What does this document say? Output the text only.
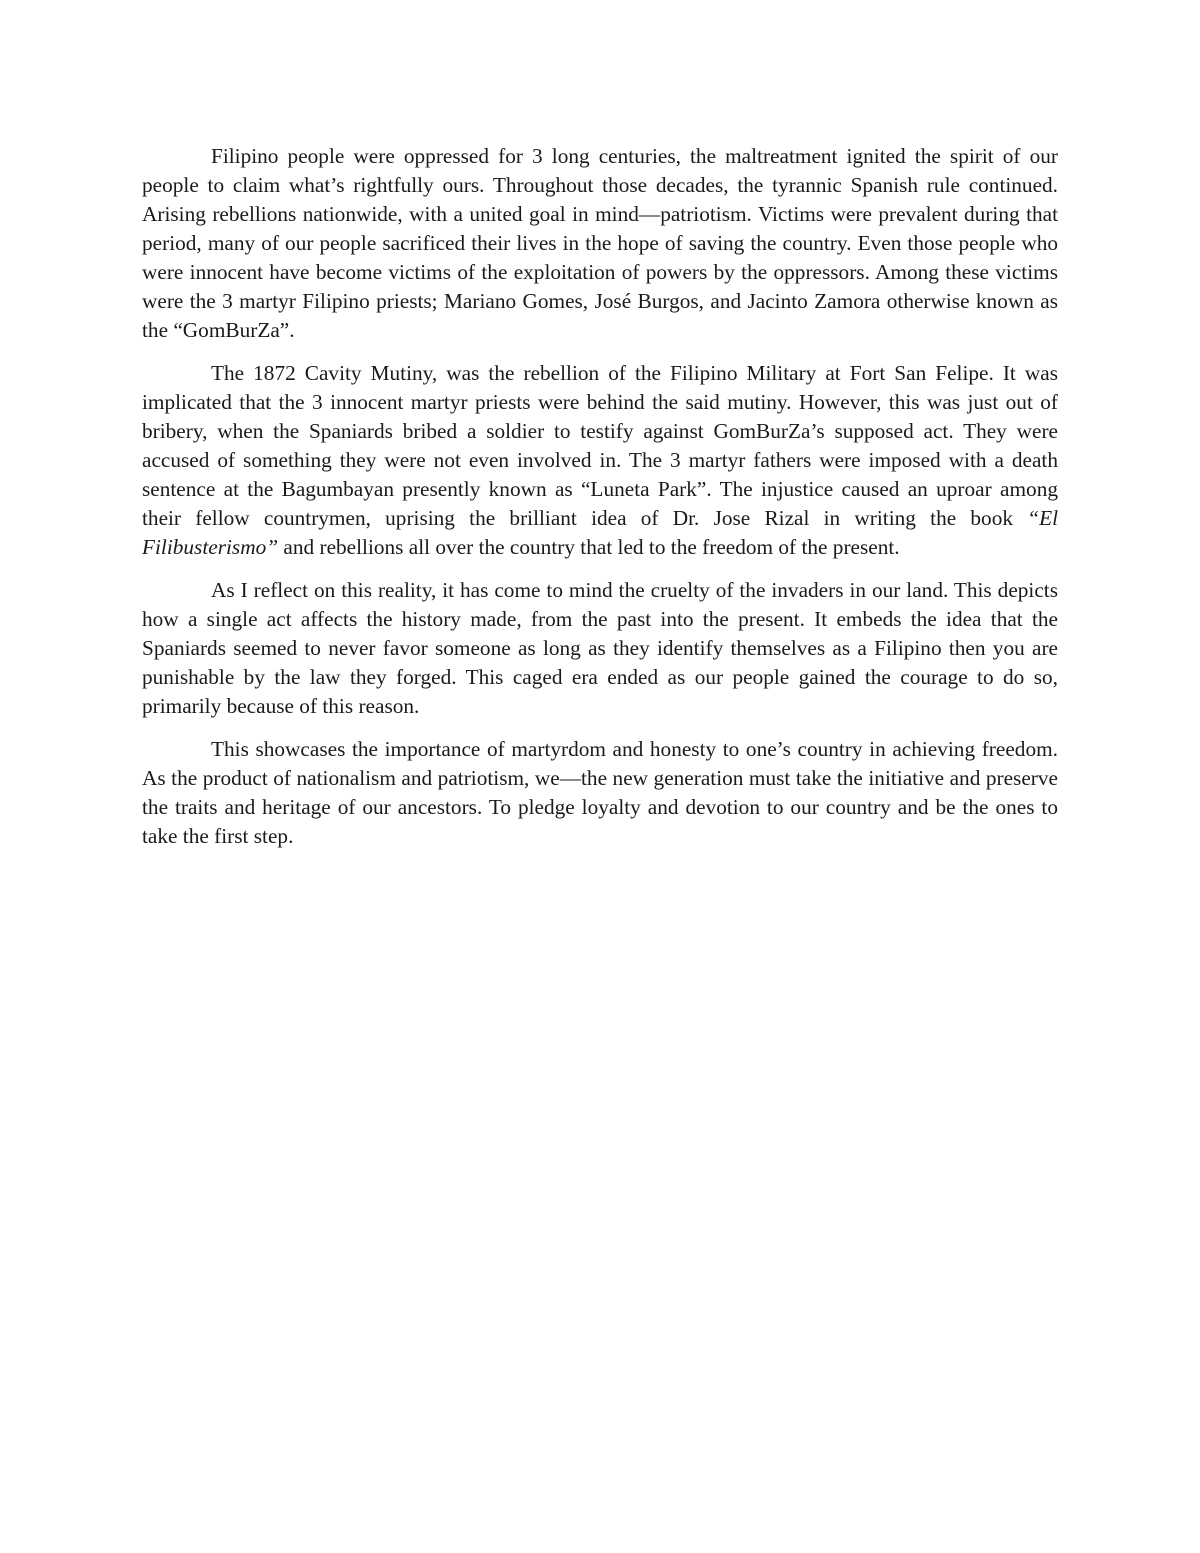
Filipino people were oppressed for 3 long centuries, the maltreatment ignited the spirit of our people to claim what’s rightfully ours. Throughout those decades, the tyrannic Spanish rule continued. Arising rebellions nationwide, with a united goal in mind—patriotism. Victims were prevalent during that period, many of our people sacrificed their lives in the hope of saving the country. Even those people who were innocent have become victims of the exploitation of powers by the oppressors. Among these victims were the 3 martyr Filipino priests; Mariano Gomes, José Burgos, and Jacinto Zamora otherwise known as the “GomBurZa”.

The 1872 Cavity Mutiny, was the rebellion of the Filipino Military at Fort San Felipe. It was implicated that the 3 innocent martyr priests were behind the said mutiny. However, this was just out of bribery, when the Spaniards bribed a soldier to testify against GomBurZa’s supposed act. They were accused of something they were not even involved in. The 3 martyr fathers were imposed with a death sentence at the Bagumbayan presently known as “Luneta Park”. The injustice caused an uproar among their fellow countrymen, uprising the brilliant idea of Dr. Jose Rizal in writing the book “El Filibusterismo” and rebellions all over the country that led to the freedom of the present.

As I reflect on this reality, it has come to mind the cruelty of the invaders in our land. This depicts how a single act affects the history made, from the past into the present. It embeds the idea that the Spaniards seemed to never favor someone as long as they identify themselves as a Filipino then you are punishable by the law they forged. This caged era ended as our people gained the courage to do so, primarily because of this reason.

This showcases the importance of martyrdom and honesty to one’s country in achieving freedom. As the product of nationalism and patriotism, we—the new generation must take the initiative and preserve the traits and heritage of our ancestors. To pledge loyalty and devotion to our country and be the ones to take the first step.
